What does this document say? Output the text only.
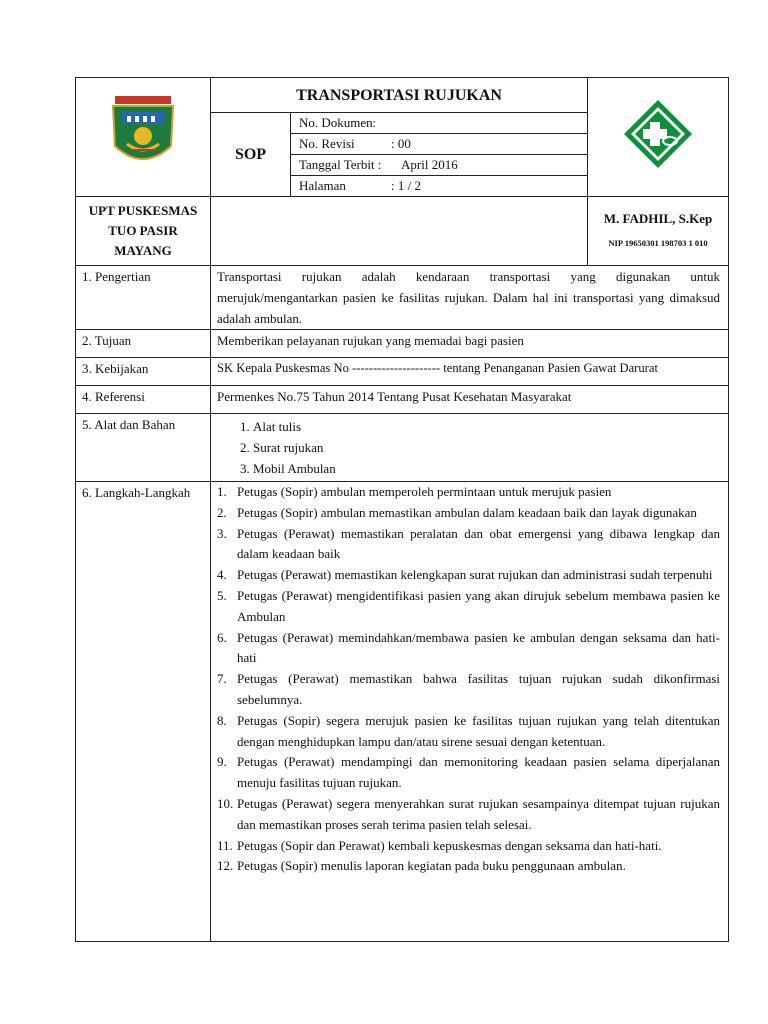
	TRANSPORTASI RUJUKAN	
SOP	
No. Dokumen :
No. Revisi	: 00
Tanggal Terbit : April 2016
Halaman	: 1 / 2

UPT PUSKESMAS
TUO PASIR
MAYANG

M. FADHIL, S.Kep
NIP 19650301 198703 1 010

1. Pengertian	Transportasi rujukan adalah kendaraan transportasi yang digunakan untuk merujuk/mengantarkan pasien ke fasilitas rujukan. Dalam hal ini transportasi yang dimaksud adalah ambulan.
2. Tujuan	Memberikan pelayanan rujukan yang memadai bagi pasien
3. Kebijakan	SK Kepala Puskesmas No --------------------- tentang Penanganan Pasien Gawat Darurat
4. Referensi	Permenkes No.75 Tahun 2014 Tentang Pusat Kesehatan Masyarakat
5. Alat dan Bahan	
1.Alat tulis
2. Surat rujukan
3. Mobil Ambulan

6. Langkah-Langkah	1. Petugas (Sopir) ambulan memperoleh permintaan untuk merujuk pasien
2. Petugas (Sopir) ambulan memastikan ambulan dalam keadaan baik dan layak digunakan
3. Petugas (Perawat) memastikan peralatan dan obat emergensi yang dibawa lengkap dan dalam keadaan baik
4. Petugas (Perawat) memastikan kelengkapan surat rujukan dan administrasi sudah terpenuhi
5. Petugas (Perawat) mengidentifikasi pasien yang akan dirujuk sebelum membawa pasien ke Ambulan
6. Petugas (Perawat) memindahkan/membawa pasien ke ambulan dengan seksama dan hati-hati
7. Petugas (Perawat) memastikan bahwa fasilitas tujuan rujukan sudah dikonfirmasi sebelumnya.
8. Petugas (Sopir) segera merujuk pasien ke fasilitas tujuan rujukan yang telah ditentukan dengan menghidupkan lampu dan/atau sirene sesuai dengan ketentuan.
9. Petugas (Perawat) mendampingi dan memonitoring keadaan pasien selama diperjalanan menuju fasilitas tujuan rujukan.
10. Petugas (Perawat) segera menyerahkan surat rujukan sesampainya ditempat tujuan rujukan dan memastikan proses serah terima pasien telah selesai.
11. Petugas (Sopir dan Perawat) kembali kepuskesmas dengan seksama dan hati-hati.
12. Petugas (Sopir) menulis laporan kegiatan pada buku penggunaan ambulan.
